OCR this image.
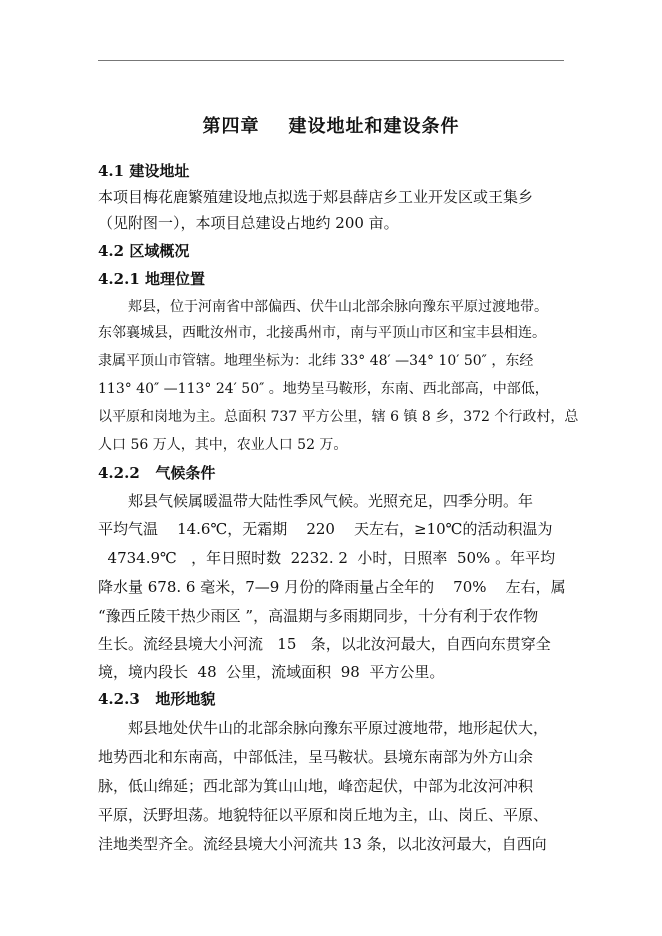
第四章    建设地址和建设条件
4.1 建设地址
本项目梅花鹿繁殖建设地点拟选于郏县薛店乡工业开发区或王集乡
（见附图一），本项目总建设占地约 200 亩。
4.2 区域概况
4.2.1 地理位置
郏县，位于河南省中部偏西、伏牛山北部余脉向豫东平原过渡地带。
东邻襄城县，西毗汝州市，北接禹州市，南与平顶山市区和宝丰县相连。
隶属平顶山市管辖。地理坐标为：北纬 33° 48′ —34° 10′ 50″ ，东经
113° 40″ —113° 24′ 50″ 。地势呈马鞍形，东南、西北部高，中部低，
以平原和岗地为主。总面积 737 平方公里，辖 6 镇 8 乡，372 个行政村，总
人口 56 万人，其中，农业人口 52 万。
4.2.2   气候条件
郏县气候属暖温带大陆性季风气候。光照充足，四季分明。年
平均气温    14.6℃，无霜期    220    天左右，≥10℃的活动积温为
4734.9℃   ，年日照时数  2232. 2  小时，日照率  50% 。年平均
降水量 678. 6 毫米，7—9 月份的降雨量占全年的    70%    左右，属
“豫西丘陵干热少雨区 ”，高温期与多雨期同步，十分有利于农作物
生长。流经县境大小河流   15   条，以北汝河最大，自西向东贯穿全
境，境内段长  48  公里，流域面积  98  平方公里。
4.2.3   地形地貌
郏县地处伏牛山的北部余脉向豫东平原过渡地带，地形起伏大，
地势西北和东南高，中部低洼，呈马鞍状。县境东南部为外方山余
脉，低山绵延；西北部为箕山山地，峰峦起伏，中部为北汝河冲积
平原，沃野坦荡。地貌特征以平原和岗丘地为主，山、岗丘、平原、
洼地类型齐全。流经县境大小河流共 13 条，以北汝河最大，自西向
